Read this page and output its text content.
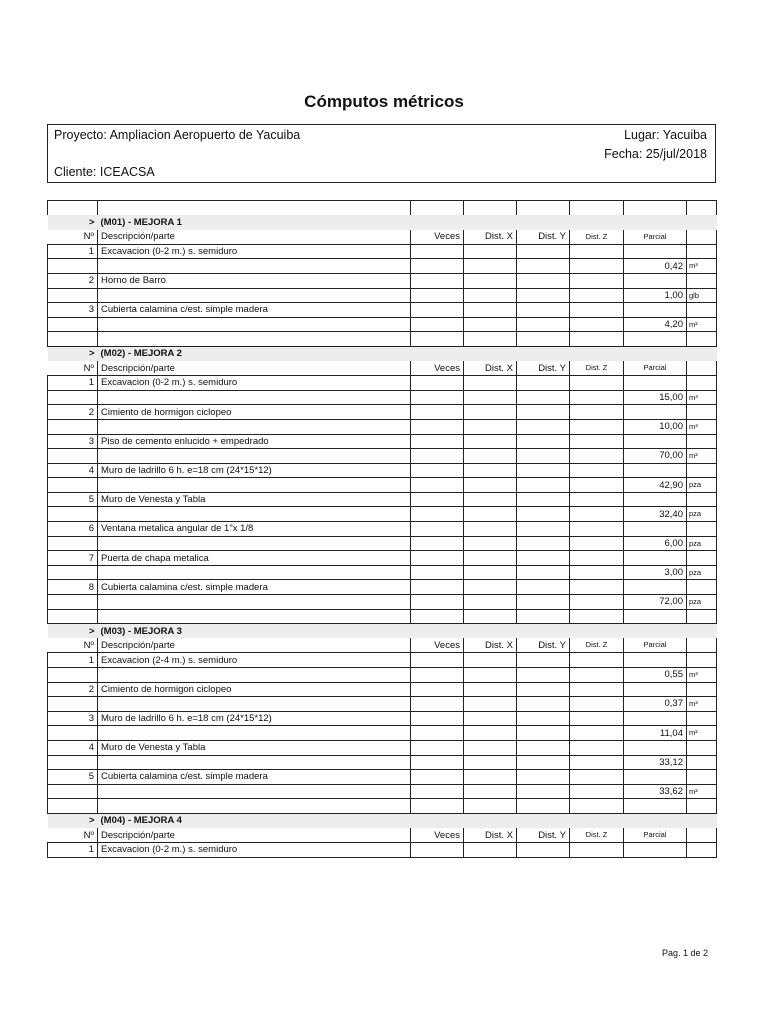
Cómputos métricos
Proyecto: Ampliacion Aeropuerto de Yacuiba	Lugar: Yacuiba
Fecha: 25/jul/2018
Cliente: ICEACSA

>	(M01) - MEJORA 1						
Nº	Descripción/parte	Veces	Dist. X	Dist. Y	Dist. Z	Parcial	
1	Excavacion (0-2 m.) s. semiduro						
						0,42	m³
2	Horno de Barro						
						1,00	glb
3	Cubierta calamina c/est. simple madera						
						4,20	m²

>	(M02) - MEJORA 2						
Nº	Descripción/parte	Veces	Dist. X	Dist. Y	Dist. Z	Parcial	
1	Excavacion (0-2 m.) s. semiduro						
						15,00	m³
2	Cimiento de hormigon ciclopeo						
						10,00	m³
3	Piso de cemento enlucido + empedrado						
						70,00	m²
4	Muro de ladrillo 6 h. e=18 cm (24*15*12)						
						42,90	pza
5	Muro de Venesta y Tabla						
						32,40	pza
6	Ventana metalica angular de 1"x 1/8						
						6,00	pza
7	Puerta de chapa metalica						
						3,00	pza
8	Cubierta calamina c/est. simple madera						
						72,00	pza

>	(M03) - MEJORA 3						
Nº	Descripción/parte	Veces	Dist. X	Dist. Y	Dist. Z	Parcial	
1	Excavacion (2-4 m.) s. semiduro						
						0,55	m³
2	Cimiento de hormigon ciclopeo						
						0,37	m³
3	Muro de ladrillo 6 h. e=18 cm (24*15*12)						
						11,04	m²
4	Muro de Venesta y Tabla						
						33,12	
5	Cubierta calamina c/est. simple madera						
						33,62	m²

>	(M04) - MEJORA 4						
Nº	Descripción/parte	Veces	Dist. X	Dist. Y	Dist. Z	Parcial	
1	Excavacion (0-2 m.) s. semiduro						
Pag. 1 de 2
